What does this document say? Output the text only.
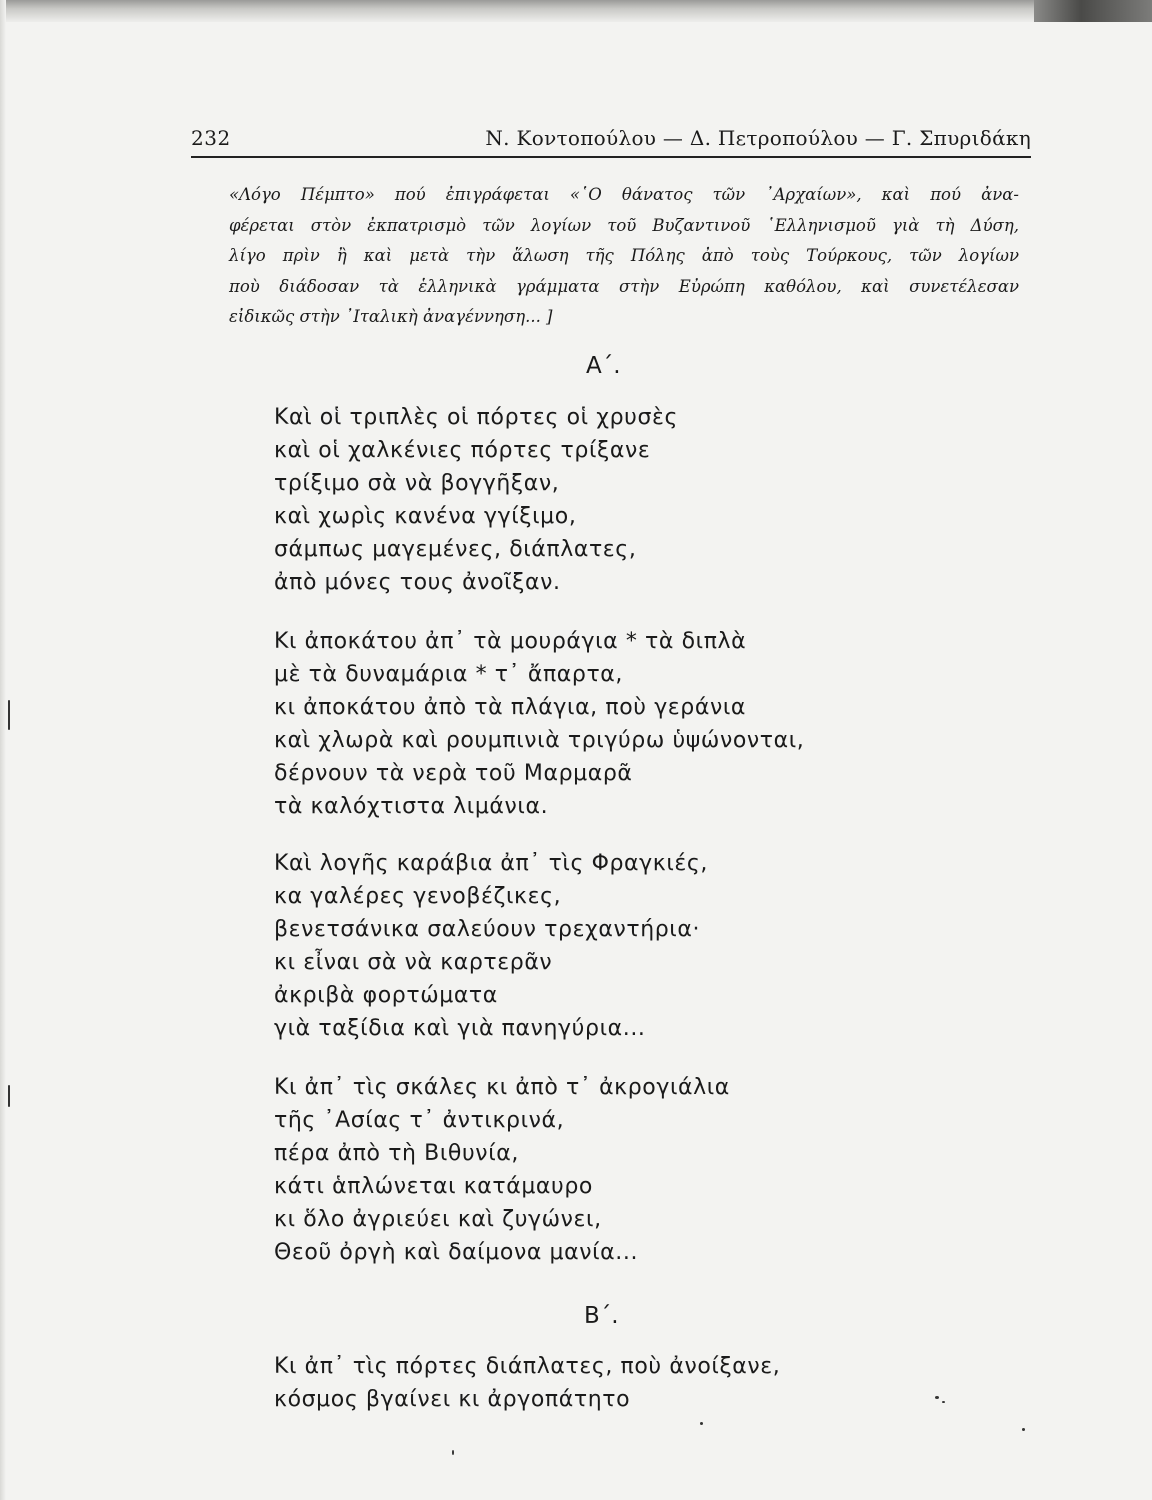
232	Ν. Κοντοπούλου — Δ. Πετροπούλου — Γ. Σπυριδάκη
«Λόγο Πέμπτο» πού ἐπιγράφεται «῾Ο θάνατος τῶν ᾿Αρχαίων», καὶ πού ἀνα-
φέρεται στὸν ἐκπατρισμὸ τῶν λογίων τοῦ Βυζαντινοῦ ῾Ελληνισμοῦ γιὰ τὴ Δύση,
λίγο πρὶν ἢ καὶ μετὰ τὴν ἅλωση τῆς Πόλης ἀπὸ τοὺς Τούρκους, τῶν λογίων
ποὺ διάδοσαν τὰ ἑλληνικὰ γράμματα στὴν Εὐρώπη καθόλου, καὶ συνετέλεσαν
εἰδικῶς στὴν ᾿Ιταλικὴ ἀναγέννηση... ]
Α΄.
Καὶ οἱ τριπλὲς οἱ πόρτες οἱ χρυσὲς
καὶ οἱ χαλκένιες πόρτες τρίξανε
τρίξιμο σὰ νὰ βογγῆξαν,
καὶ χωρὶς κανένα γγίξιμο,
σάμπως μαγεμένες, διάπλατες,
ἀπὸ μόνες τους ἀνοῖξαν.
Κι ἀποκάτου ἀπ᾿ τὰ μουράγια * τὰ διπλὰ
μὲ τὰ δυναμάρια * τ᾿ ἄπαρτα,
κι ἀποκάτου ἀπὸ τὰ πλάγια, ποὺ γεράνια
καὶ χλωρὰ καὶ ρουμπινιὰ τριγύρω ὑψώνονται,
δέρνουν τὰ νερὰ τοῦ Μαρμαρᾶ
τὰ καλόχτιστα λιμάνια.
Καὶ λογῆς καράβια ἀπ᾿ τὶς Φραγκιές,
κα γαλέρες γενοβέζικες,
βενετσάνικα σαλεύουν τρεχαντήρια·
κι εἶναι σὰ νὰ καρτερᾶν
ἀκριβὰ φορτώματα
γιὰ ταξίδια καὶ γιὰ πανηγύρια...
Κι ἀπ᾿ τὶς σκάλες κι ἀπὸ τ᾿ ἀκρογιάλια
τῆς ᾿Ασίας τ᾿ ἀντικρινά,
πέρα ἀπὸ τὴ Βιθυνία,
κάτι ἁπλώνεται κατάμαυρο
κι ὅλο ἀγριεύει καὶ ζυγώνει,
Θεοῦ ὀργὴ καὶ δαίμονα μανία...
Β΄.
Κι ἀπ᾿ τὶς πόρτες διάπλατες, ποὺ ἀνοίξανε,
κόσμος βγαίνει κι ἀργοπάτητο
